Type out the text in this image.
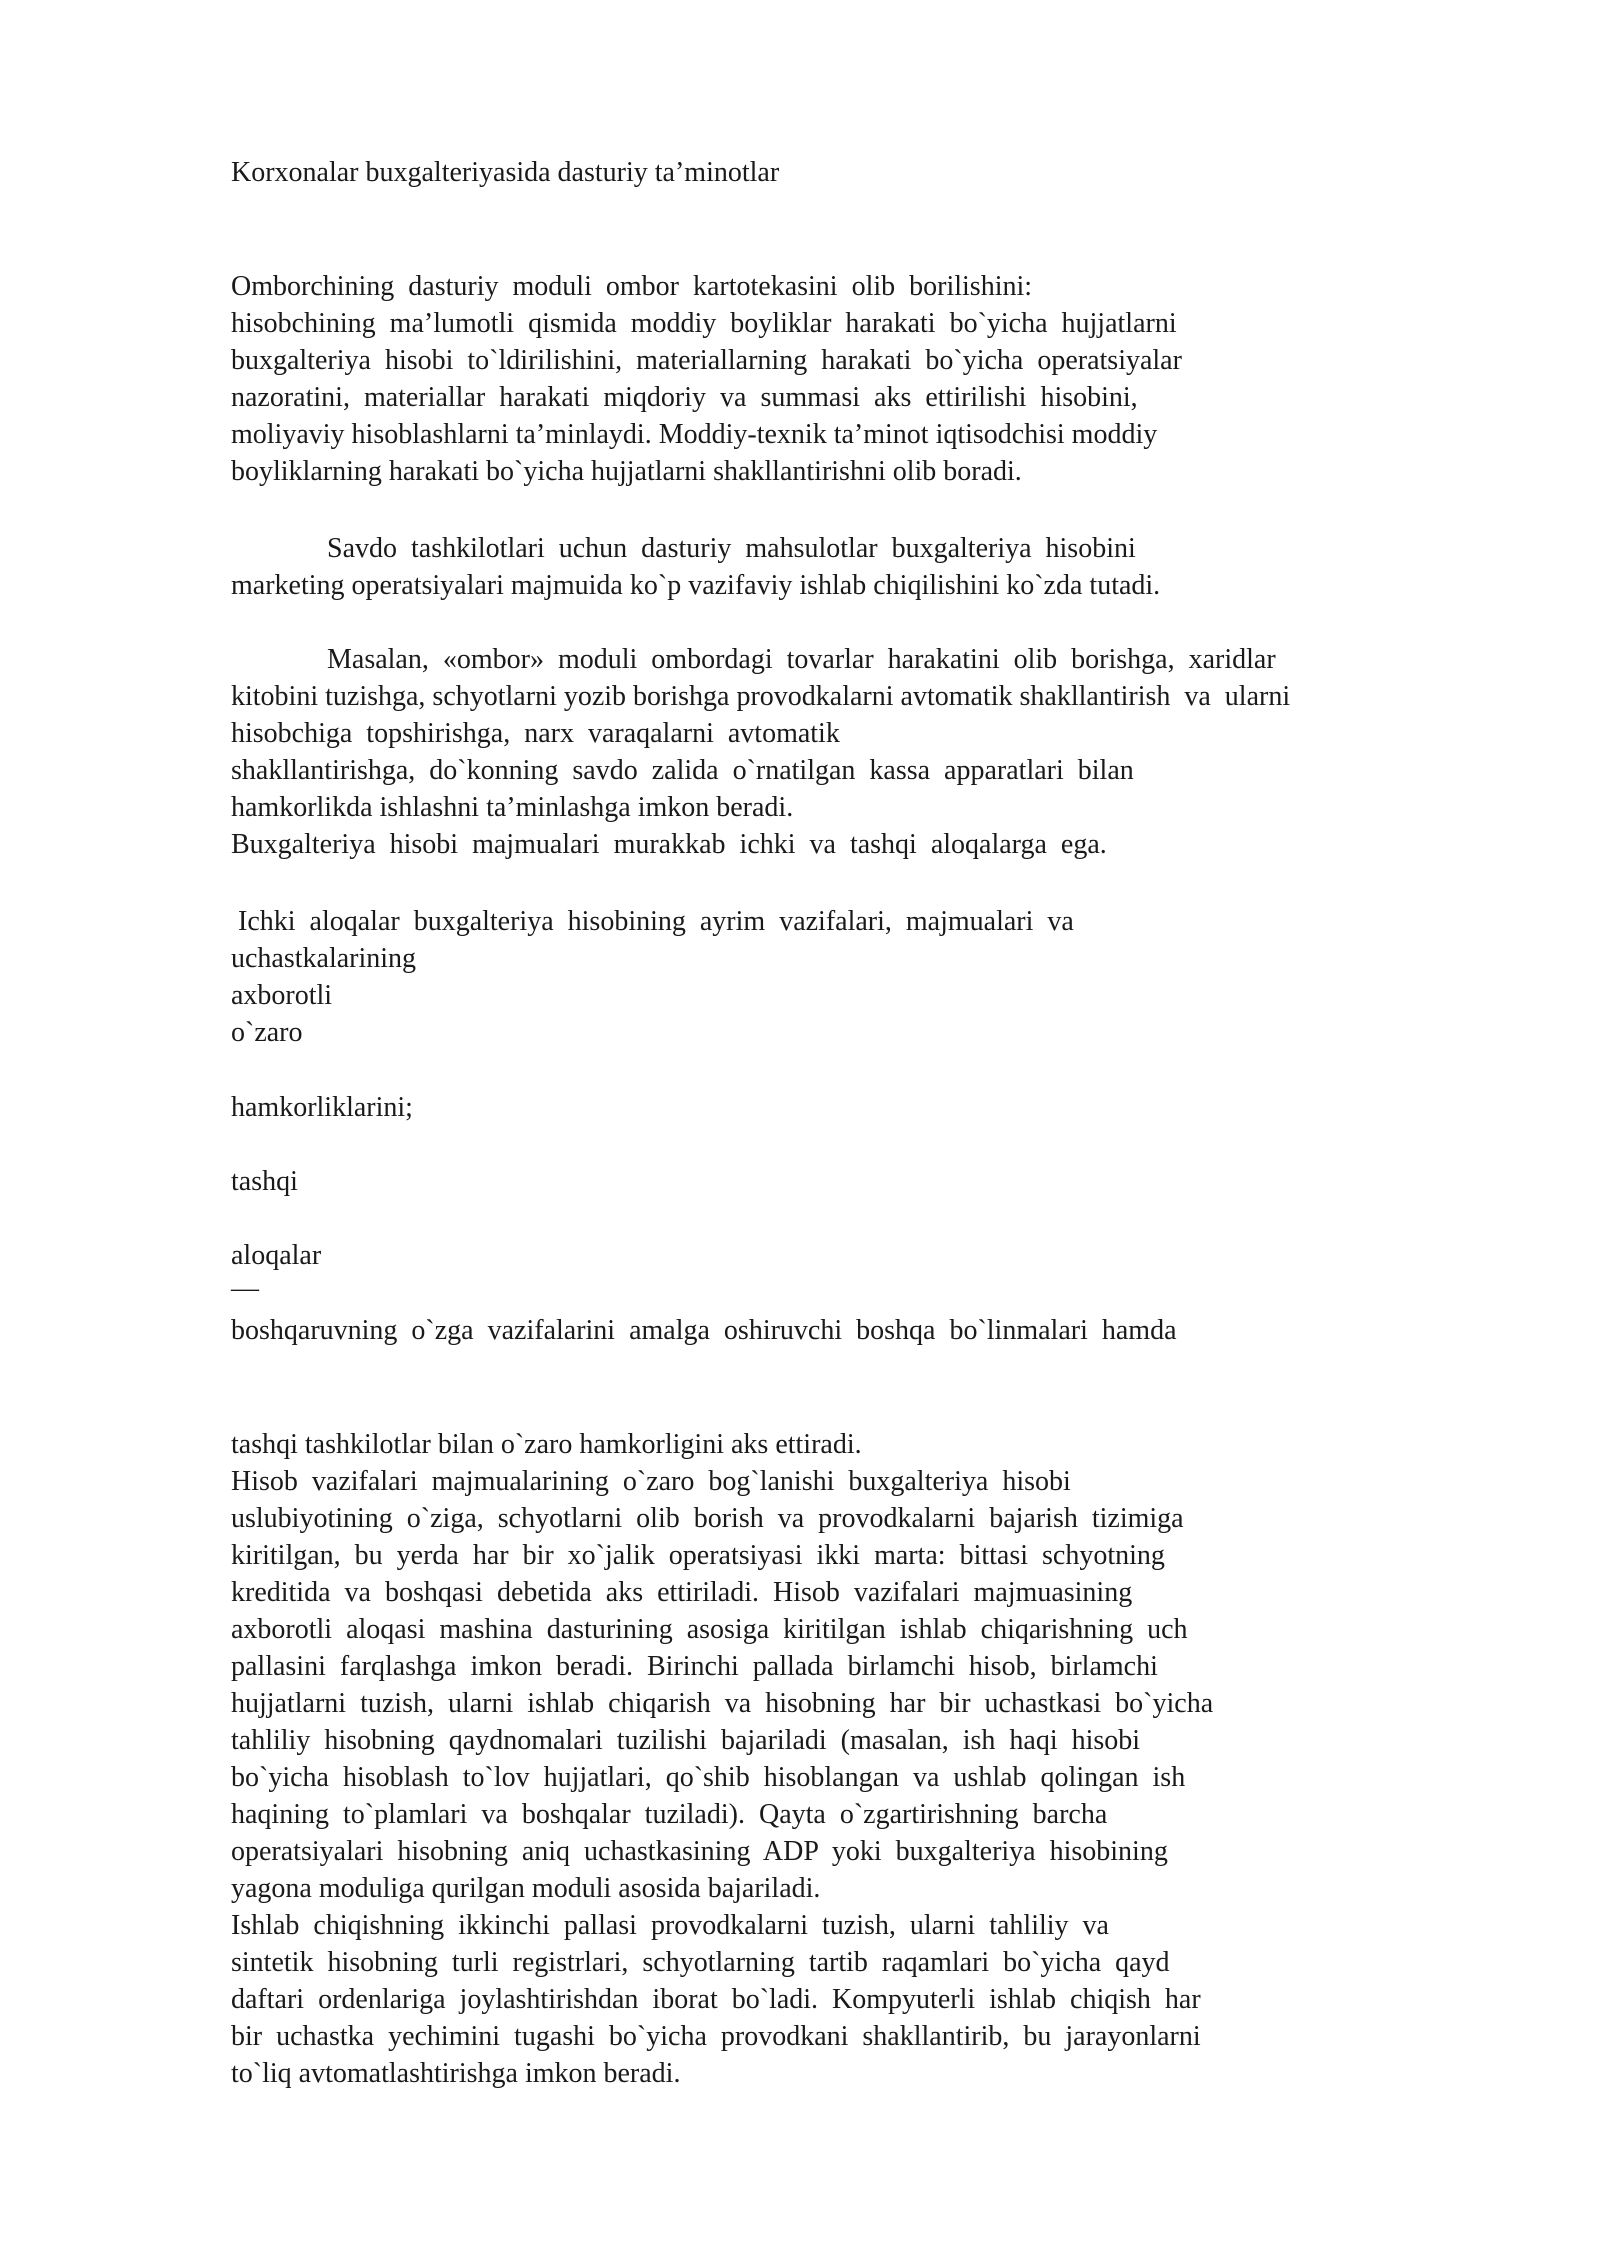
Korxonalar buxgalteriyasida dasturiy ta’minotlar
Omborchining  dasturiy  moduli  ombor  kartotekasini  olib  borilishini:
hisobchining  ma’lumotli  qismida  moddiy  boyliklar  harakati  bo`yicha  hujjatlarni
buxgalteriya  hisobi  to`ldirilishini,  materiallarning  harakati  bo`yicha  operatsiyalar
nazoratini,  materiallar  harakati  miqdoriy  va  summasi  aks  ettirilishi  hisobini,
moliyaviy hisoblashlarni ta’minlaydi. Moddiy-texnik ta’minot iqtisodchisi moddiy
boyliklarning harakati bo`yicha hujjatlarni shakllantirishni olib boradi.
Savdo  tashkilotlari  uchun  dasturiy  mahsulotlar  buxgalteriya  hisobini
marketing operatsiyalari majmuida ko`p vazifaviy ishlab chiqilishini ko`zda tutadi.
Masalan,  «ombor»  moduli  ombordagi  tovarlar  harakatini  olib  borishga,  xaridlar
kitobini tuzishga, schyotlarni yozib borishga provodkalarni avtomatik shakllantirish  va  ularni
hisobchiga  topshirishga,  narx  varaqalarni  avtomatik
shakllantirishga,  do`konning  savdo  zalida  o`rnatilgan  kassa  apparatlari  bilan
hamkorlikda ishlashni ta’minlashga imkon beradi.
Buxgalteriya  hisobi  majmualari  murakkab  ichki  va  tashqi  aloqalarga  ega.
Ichki  aloqalar  buxgalteriya  hisobining  ayrim  vazifalari,  majmualari  va
uchastkalarining
axborotli
o`zaro
hamkorliklarini;
tashqi
aloqalar
—
boshqaruvning  o`zga  vazifalarini  amalga  oshiruvchi  boshqa  bo`linmalari  hamda
tashqi tashkilotlar bilan o`zaro hamkorligini aks ettiradi.
Hisob  vazifalari  majmualarining  o`zaro  bog`lanishi  buxgalteriya  hisobi
uslubiyotining  o`ziga,  schyotlarni  olib  borish  va  provodkalarni  bajarish  tizimiga
kiritilgan,  bu  yerda  har  bir  xo`jalik  operatsiyasi  ikki  marta:  bittasi  schyotning
kreditida  va  boshqasi  debetida  aks  ettiriladi.  Hisob  vazifalari  majmuasining
axborotli  aloqasi  mashina  dasturining  asosiga  kiritilgan  ishlab  chiqarishning  uch
pallasini  farqlashga  imkon  beradi.  Birinchi  pallada  birlamchi  hisob,  birlamchi
hujjatlarni  tuzish,  ularni  ishlab  chiqarish  va  hisobning  har  bir  uchastkasi  bo`yicha
tahliliy  hisobning  qaydnomalari  tuzilishi  bajariladi  (masalan,  ish  haqi  hisobi
bo`yicha  hisoblash  to`lov  hujjatlari,  qo`shib  hisoblangan  va  ushlab  qolingan  ish
haqining  to`plamlari  va  boshqalar  tuziladi).  Qayta  o`zgartirishning  barcha
operatsiyalari  hisobning  aniq  uchastkasining  ADP  yoki  buxgalteriya  hisobining
yagona moduliga qurilgan moduli asosida bajariladi.
Ishlab  chiqishning  ikkinchi  pallasi  provodkalarni  tuzish,  ularni  tahliliy  va
sintetik  hisobning  turli  registrlari,  schyotlarning  tartib  raqamlari  bo`yicha  qayd
daftari  ordenlariga  joylashtirishdan  iborat  bo`ladi.  Kompyuterli  ishlab  chiqish  har
bir  uchastka  yechimini  tugashi  bo`yicha  provodkani  shakllantirib,  bu  jarayonlarni
to`liq avtomatlashtirishga imkon beradi.
